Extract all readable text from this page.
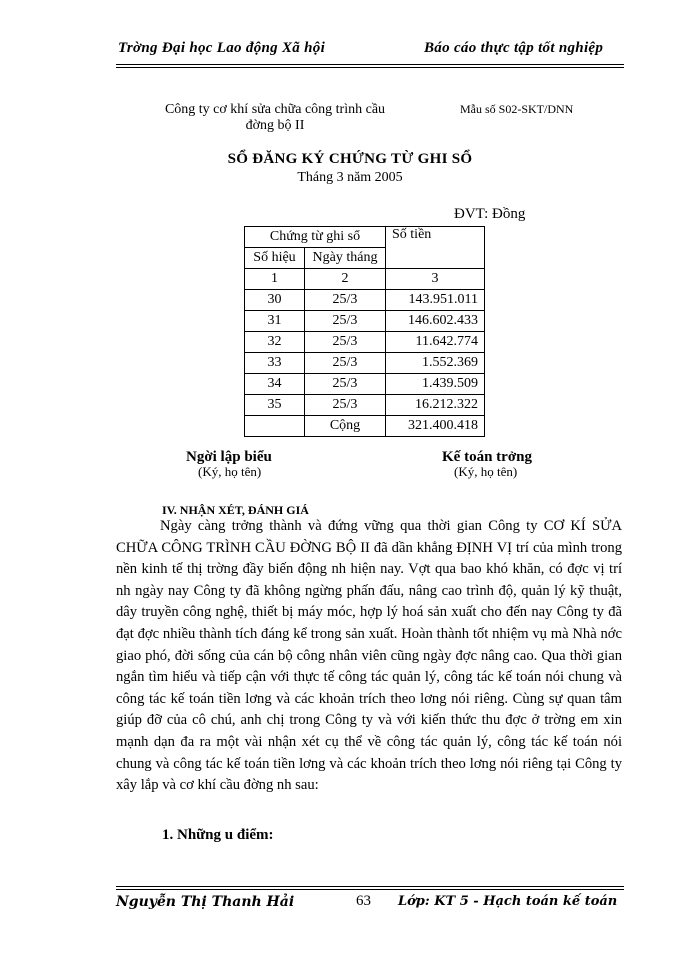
Trờng Đại học Lao động Xã hội	Báo cáo thực tập tốt nghiệp
Công ty cơ khí sửa chữa công trình cầu
đờng bộ II
Mẫu số S02-SKT/DNN
SỔ ĐĂNG KÝ CHỨNG TỪ GHI SỔ
Tháng 3 năm 2005
ĐVT: Đồng
Chứng từ ghi sổ		Số tiền
Số hiệu	Ngày tháng	
1	2	3
30	25/3	143.951.011
31	25/3	146.602.433
32	25/3	11.642.774
33	25/3	1.552.369
34	25/3	1.439.509
35	25/3	16.212.322
	Cộng	321.400.418
Ngời lập biểu
(Ký, họ tên)
Kế toán trởng
(Ký, họ tên)
IV. NHẬN XÉT, ĐÁNH GIÁ
Ngày càng trởng thành và đứng vững qua thời gian Công ty CƠ KÍ SỬA CHỮA CÔNG TRÌNH CẦU ĐỜNG BỘ II đã dần khẳng ĐỊNH VỊ trí của mình trong nền kinh tế thị trờng đầy biến động nh hiện nay. Vợt qua bao khó khăn, có đợc vị trí nh ngày nay Công ty đã không ngừng phấn đấu, nâng cao trình độ, quản lý kỹ thuật, dây truyền công nghệ, thiết bị máy móc, hợp lý hoá sản xuất cho đến nay Công ty đã đạt đợc nhiều thành tích đáng kể trong sản xuất. Hoàn thành tốt nhiệm vụ mà Nhà nớc giao phó, đời sống của cán bộ công nhân viên cũng ngày đợc nâng cao. Qua thời gian ngắn tìm hiểu và tiếp cận với thực tế công tác quản lý, công tác kế toán nói chung và công tác kế toán tiền lơng và các khoản trích theo lơng nói riêng. Cùng sự quan tâm giúp đỡ của cô chú, anh chị trong Công ty và với kiến thức thu đợc ở trờng em xin mạnh dạn đa ra một vài nhận xét cụ thể về công tác quản lý, công tác kế toán nói chung và công tác kế toán tiền lơng và các khoản trích theo lơng nói riêng tại Công ty xây lắp và cơ khí cầu đờng nh sau:
1. Những u điểm:
Nguyễn Thị Thanh Hải	63 Lớp: KT 5 - Hạch toán kế toán
